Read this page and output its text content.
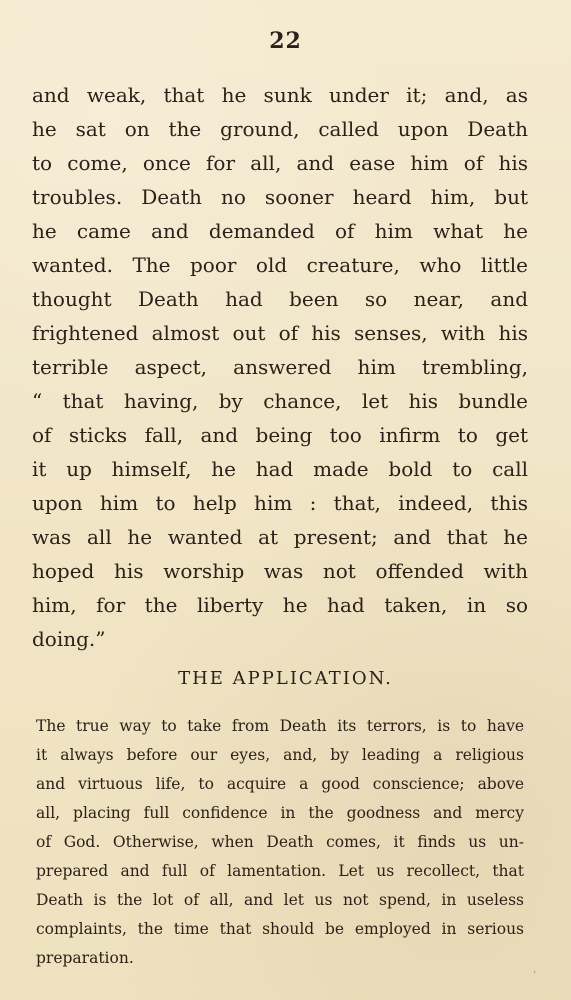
22
and weak, that he sunk under it; and, as
he sat on the ground, called upon Death
to come, once for all, and ease him of his
troubles. Death no sooner heard him, but
he came and demanded of him what he
wanted. The poor old creature, who little
thought Death had been so near, and
frightened almost out of his senses, with his
terrible aspect, answered him trembling,
“ that having, by chance, let his bundle
of sticks fall, and being too infirm to get
it up himself, he had made bold to call
upon him to help him : that, indeed, this
was all he wanted at present; and that he
hoped his worship was not offended with
him, for the liberty he had taken, in so
doing.”
THE APPLICATION.
The true way to take from Death its terrors, is to have
it always before our eyes, and, by leading a religious
and virtuous life, to acquire a good conscience; above
all, placing full confidence in the goodness and mercy
of God. Otherwise, when Death comes, it finds us un-
prepared and full of lamentation. Let us recollect, that
Death is the lot of all, and let us not spend, in useless
complaints, the time that should be employed in serious
preparation.
ʻ
